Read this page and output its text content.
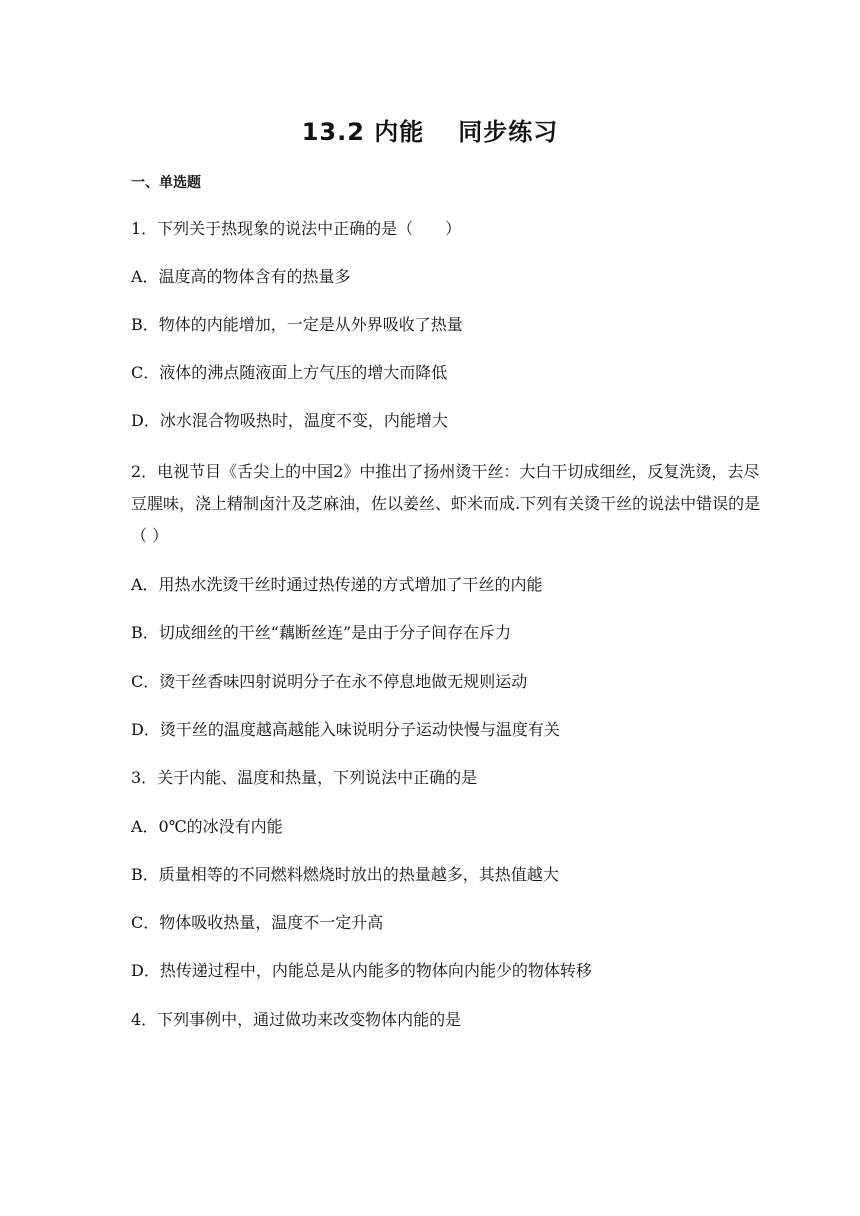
13.2 内能 同步练习
一、单选题
1．下列关于热现象的说法中正确的是（　　）
A．温度高的物体含有的热量多
B．物体的内能增加，一定是从外界吸收了热量
C．液体的沸点随液面上方气压的增大而降低
D．冰水混合物吸热时，温度不变，内能增大
2．电视节目《舌尖上的中国2》中推出了扬州烫干丝：大白干切成细丝，反复洗烫，去尽
豆腥味，浇上精制卤汁及芝麻油，佐以姜丝、虾米而成.下列有关烫干丝的说法中错误的是
（ ）
A．用热水洗烫干丝时通过热传递的方式增加了干丝的内能
B．切成细丝的干丝“藕断丝连”是由于分子间存在斥力
C．烫干丝香味四射说明分子在永不停息地做无规则运动
D．烫干丝的温度越高越能入味说明分子运动快慢与温度有关
3．关于内能、温度和热量，下列说法中正确的是
A．0℃的冰没有内能
B．质量相等的不同燃料燃烧时放出的热量越多，其热值越大
C．物体吸收热量，温度不一定升高
D．热传递过程中，内能总是从内能多的物体向内能少的物体转移
4．下列事例中，通过做功来改变物体内能的是
